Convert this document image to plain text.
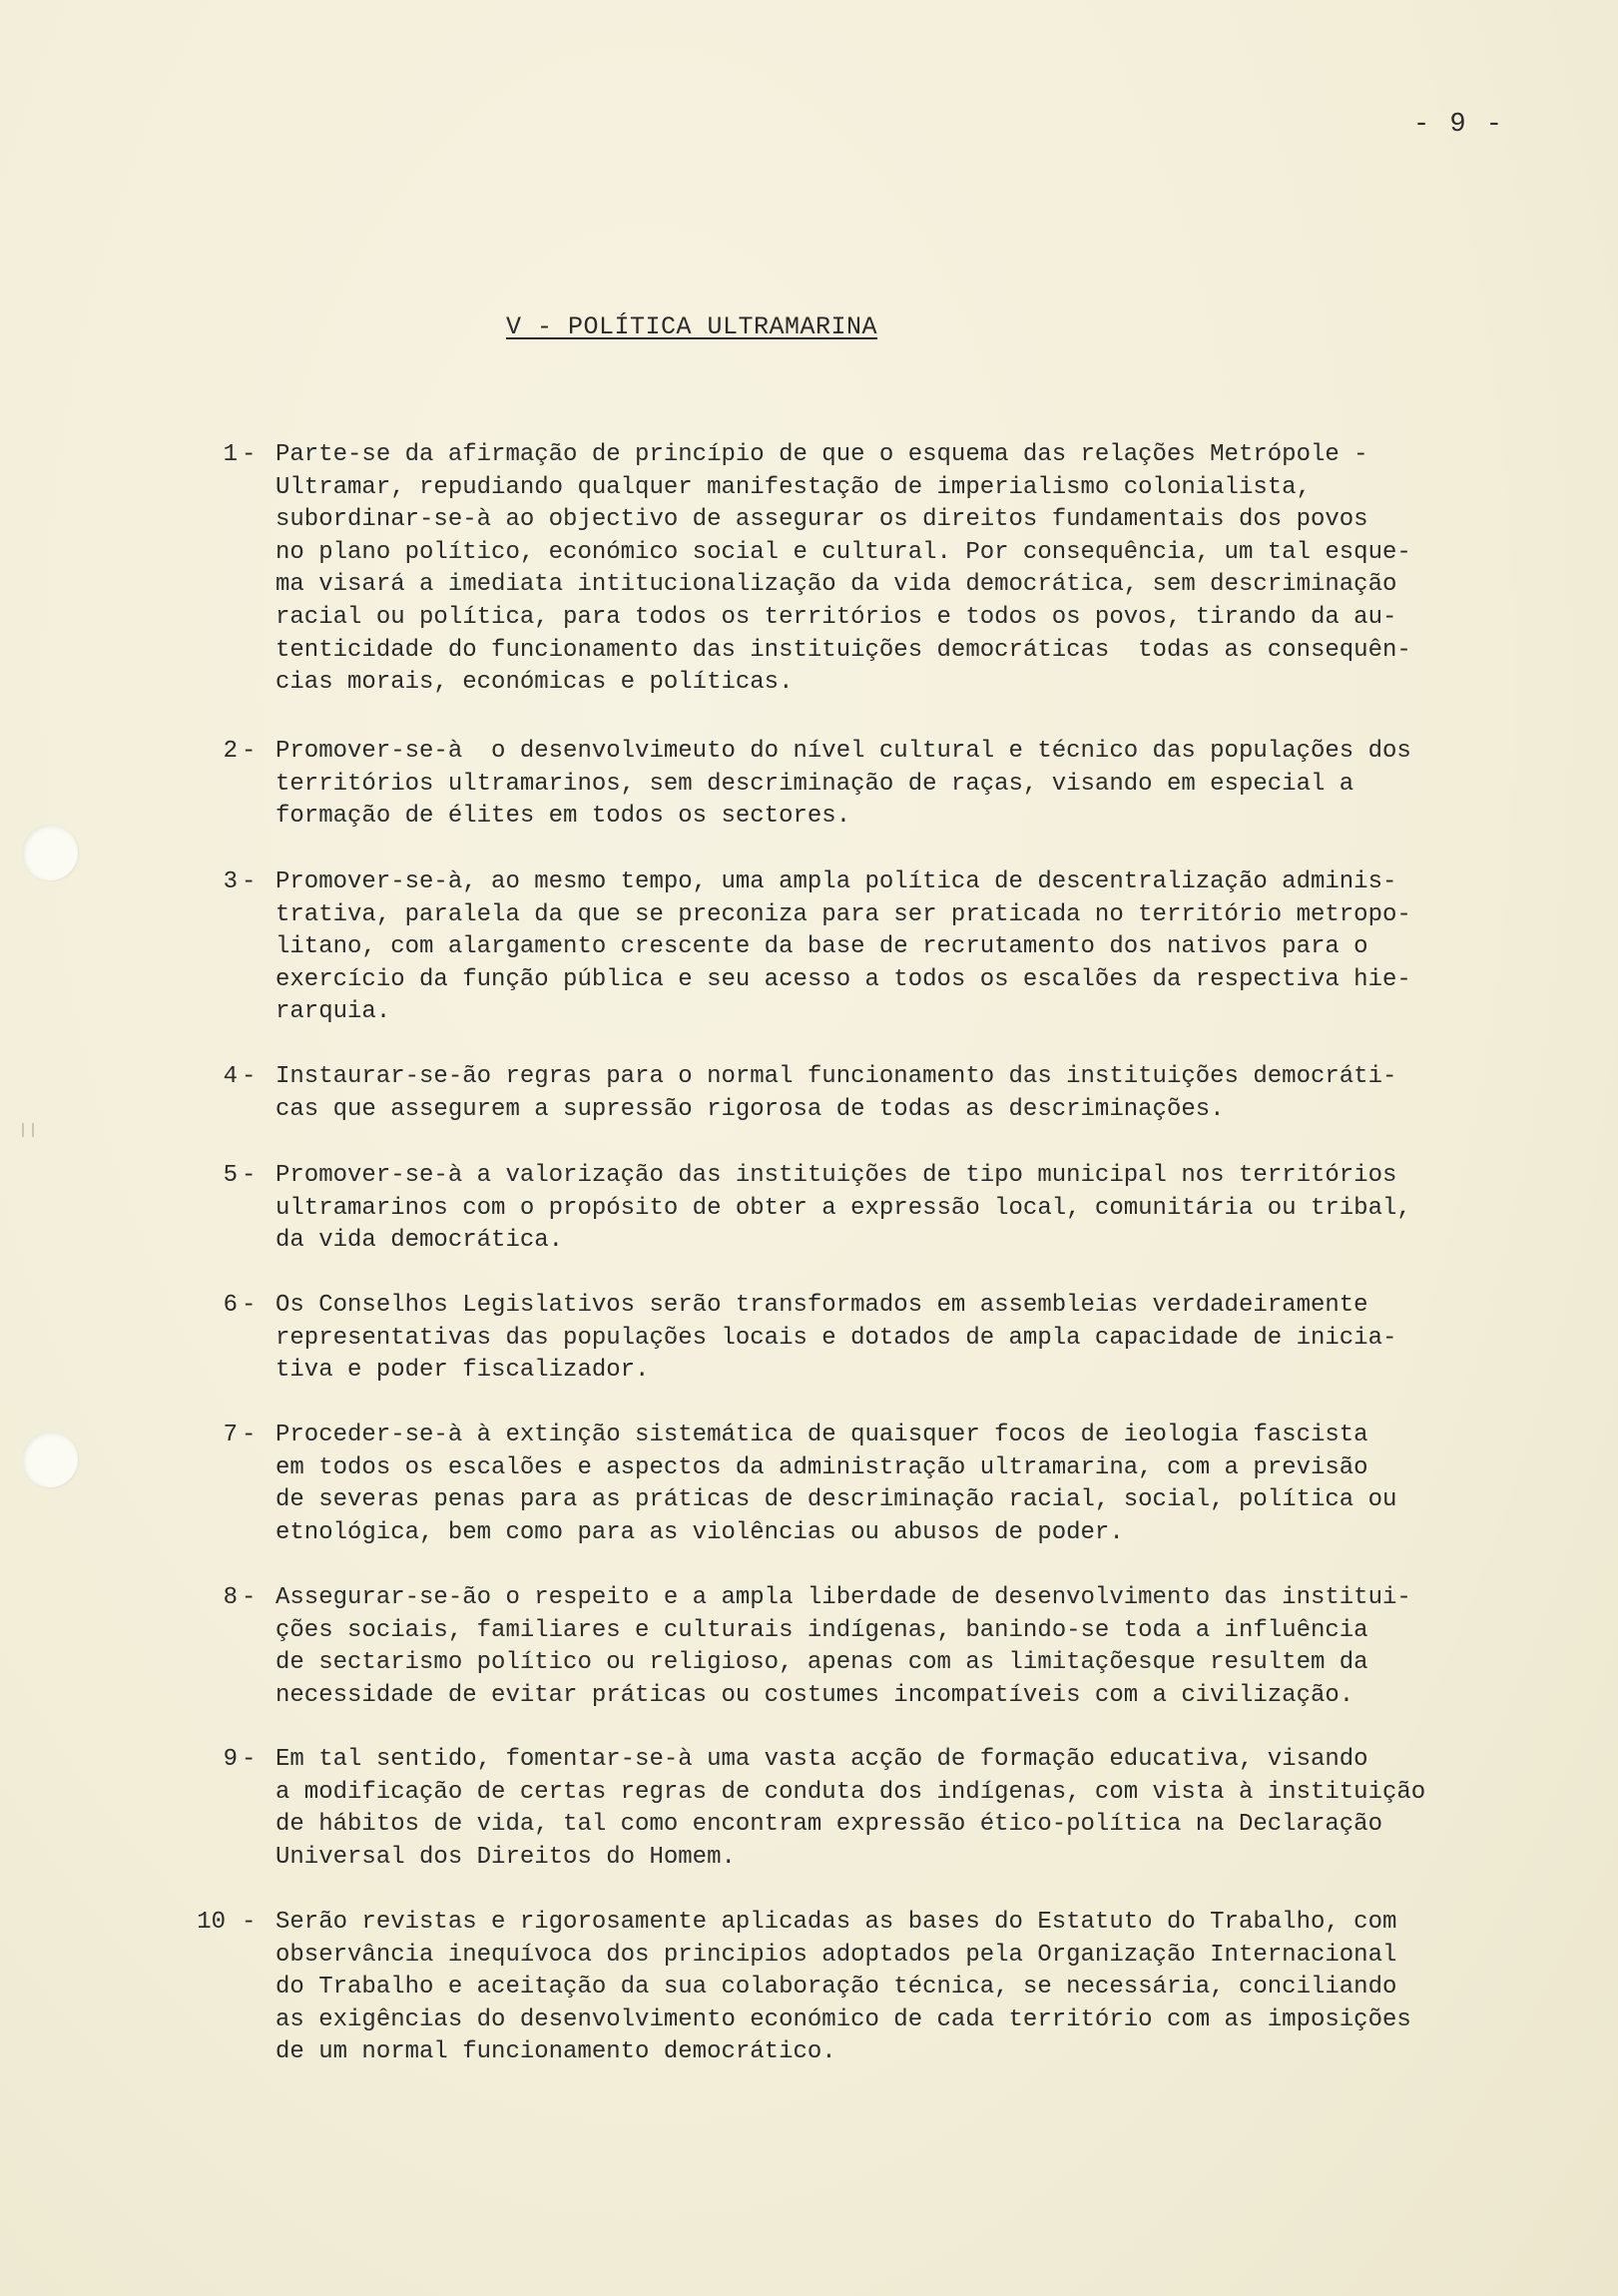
- 9 -
V - POLÍTICA ULTRAMARINA
1 - Parte-se da afirmação de princípio de que o esquema das relações Metrópole -
Ultramar, repudiando qualquer manifestação de imperialismo colonialista,
subordinar-se-à ao objectivo de assegurar os direitos fundamentais dos povos
no plano político, económico social e cultural. Por consequência, um tal esque-
ma visará a imediata intitucionalização da vida democrática, sem descriminação
racial ou política, para todos os territórios e todos os povos, tirando da au-
tenticidade do funcionamento das instituições democráticas  todas as consequên-
cias morais, económicas e políticas.
2 - Promover-se-à  o desenvolvimeuto do nível cultural e técnico das populações dos
territórios ultramarinos, sem descriminação de raças, visando em especial a
formação de élites em todos os sectores.
3 - Promover-se-à, ao mesmo tempo, uma ampla política de descentralização adminis-
trativa, paralela da que se preconiza para ser praticada no território metropo-
litano, com alargamento crescente da base de recrutamento dos nativos para o
exercício da função pública e seu acesso a todos os escalões da respectiva hie-
rarquia.
4 - Instaurar-se-ão regras para o normal funcionamento das instituições democráti-
cas que assegurem a supressão rigorosa de todas as descriminações.
5 - Promover-se-à a valorização das instituições de tipo municipal nos territórios
ultramarinos com o propósito de obter a expressão local, comunitária ou tribal,
da vida democrática.
6 - Os Conselhos Legislativos serão transformados em assembleias verdadeiramente
representativas das populações locais e dotados de ampla capacidade de inicia-
tiva e poder fiscalizador.
7 - Proceder-se-à à extinção sistemática de quaisquer focos de ieologia fascista
em todos os escalões e aspectos da administração ultramarina, com a previsão
de severas penas para as práticas de descriminação racial, social, política ou
etnológica, bem como para as violências ou abusos de poder.
8 - Assegurar-se-ão o respeito e a ampla liberdade de desenvolvimento das institui-
ções sociais, familiares e culturais indígenas, banindo-se toda a influência
de sectarismo político ou religioso, apenas com as limitaçõesque resultem da
necessidade de evitar práticas ou costumes incompatíveis com a civilização.
9 - Em tal sentido, fomentar-se-à uma vasta acção de formação educativa, visando
a modificação de certas regras de conduta dos indígenas, com vista à instituição
de hábitos de vida, tal como encontram expressão ético-política na Declaração
Universal dos Direitos do Homem.
10 - Serão revistas e rigorosamente aplicadas as bases do Estatuto do Trabalho, com
observância inequívoca dos principios adoptados pela Organização Internacional
do Trabalho e aceitação da sua colaboração técnica, se necessária, conciliando
as exigências do desenvolvimento económico de cada território com as imposições
de um normal funcionamento democrático.
